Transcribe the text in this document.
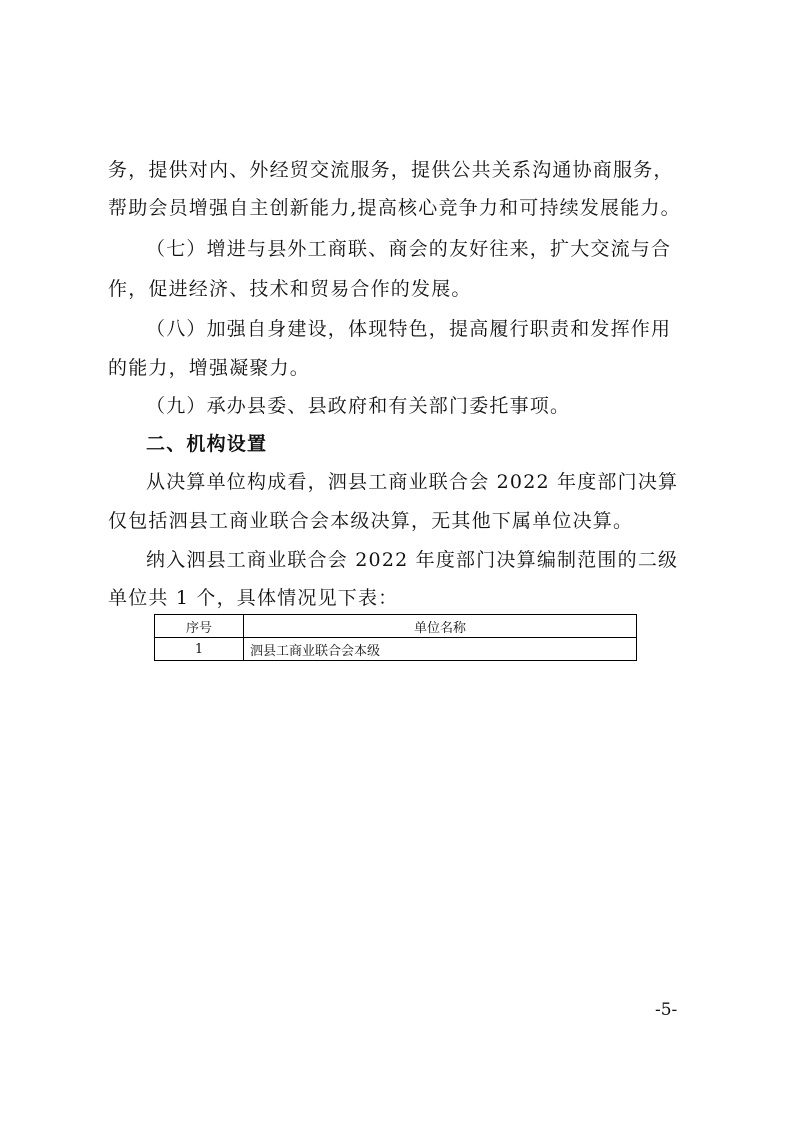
务，提供对内、外经贸交流服务，提供公共关系沟通协商服务，
帮助会员增强自主创新能力,提高核心竞争力和可持续发展能力。
（七）增进与县外工商联、商会的友好往来，扩大交流与合
作，促进经济、技术和贸易合作的发展。
（八）加强自身建设，体现特色，提高履行职责和发挥作用
的能力，增强凝聚力。
（九）承办县委、县政府和有关部门委托事项。
二、机构设置
从决算单位构成看，泗县工商业联合会 2022 年度部门决算
仅包括泗县工商业联合会本级决算，无其他下属单位决算。
纳入泗县工商业联合会 2022 年度部门决算编制范围的二级
单位共 1 个，具体情况见下表：
序号	单位名称
1	泗县工商业联合会本级
-5-
